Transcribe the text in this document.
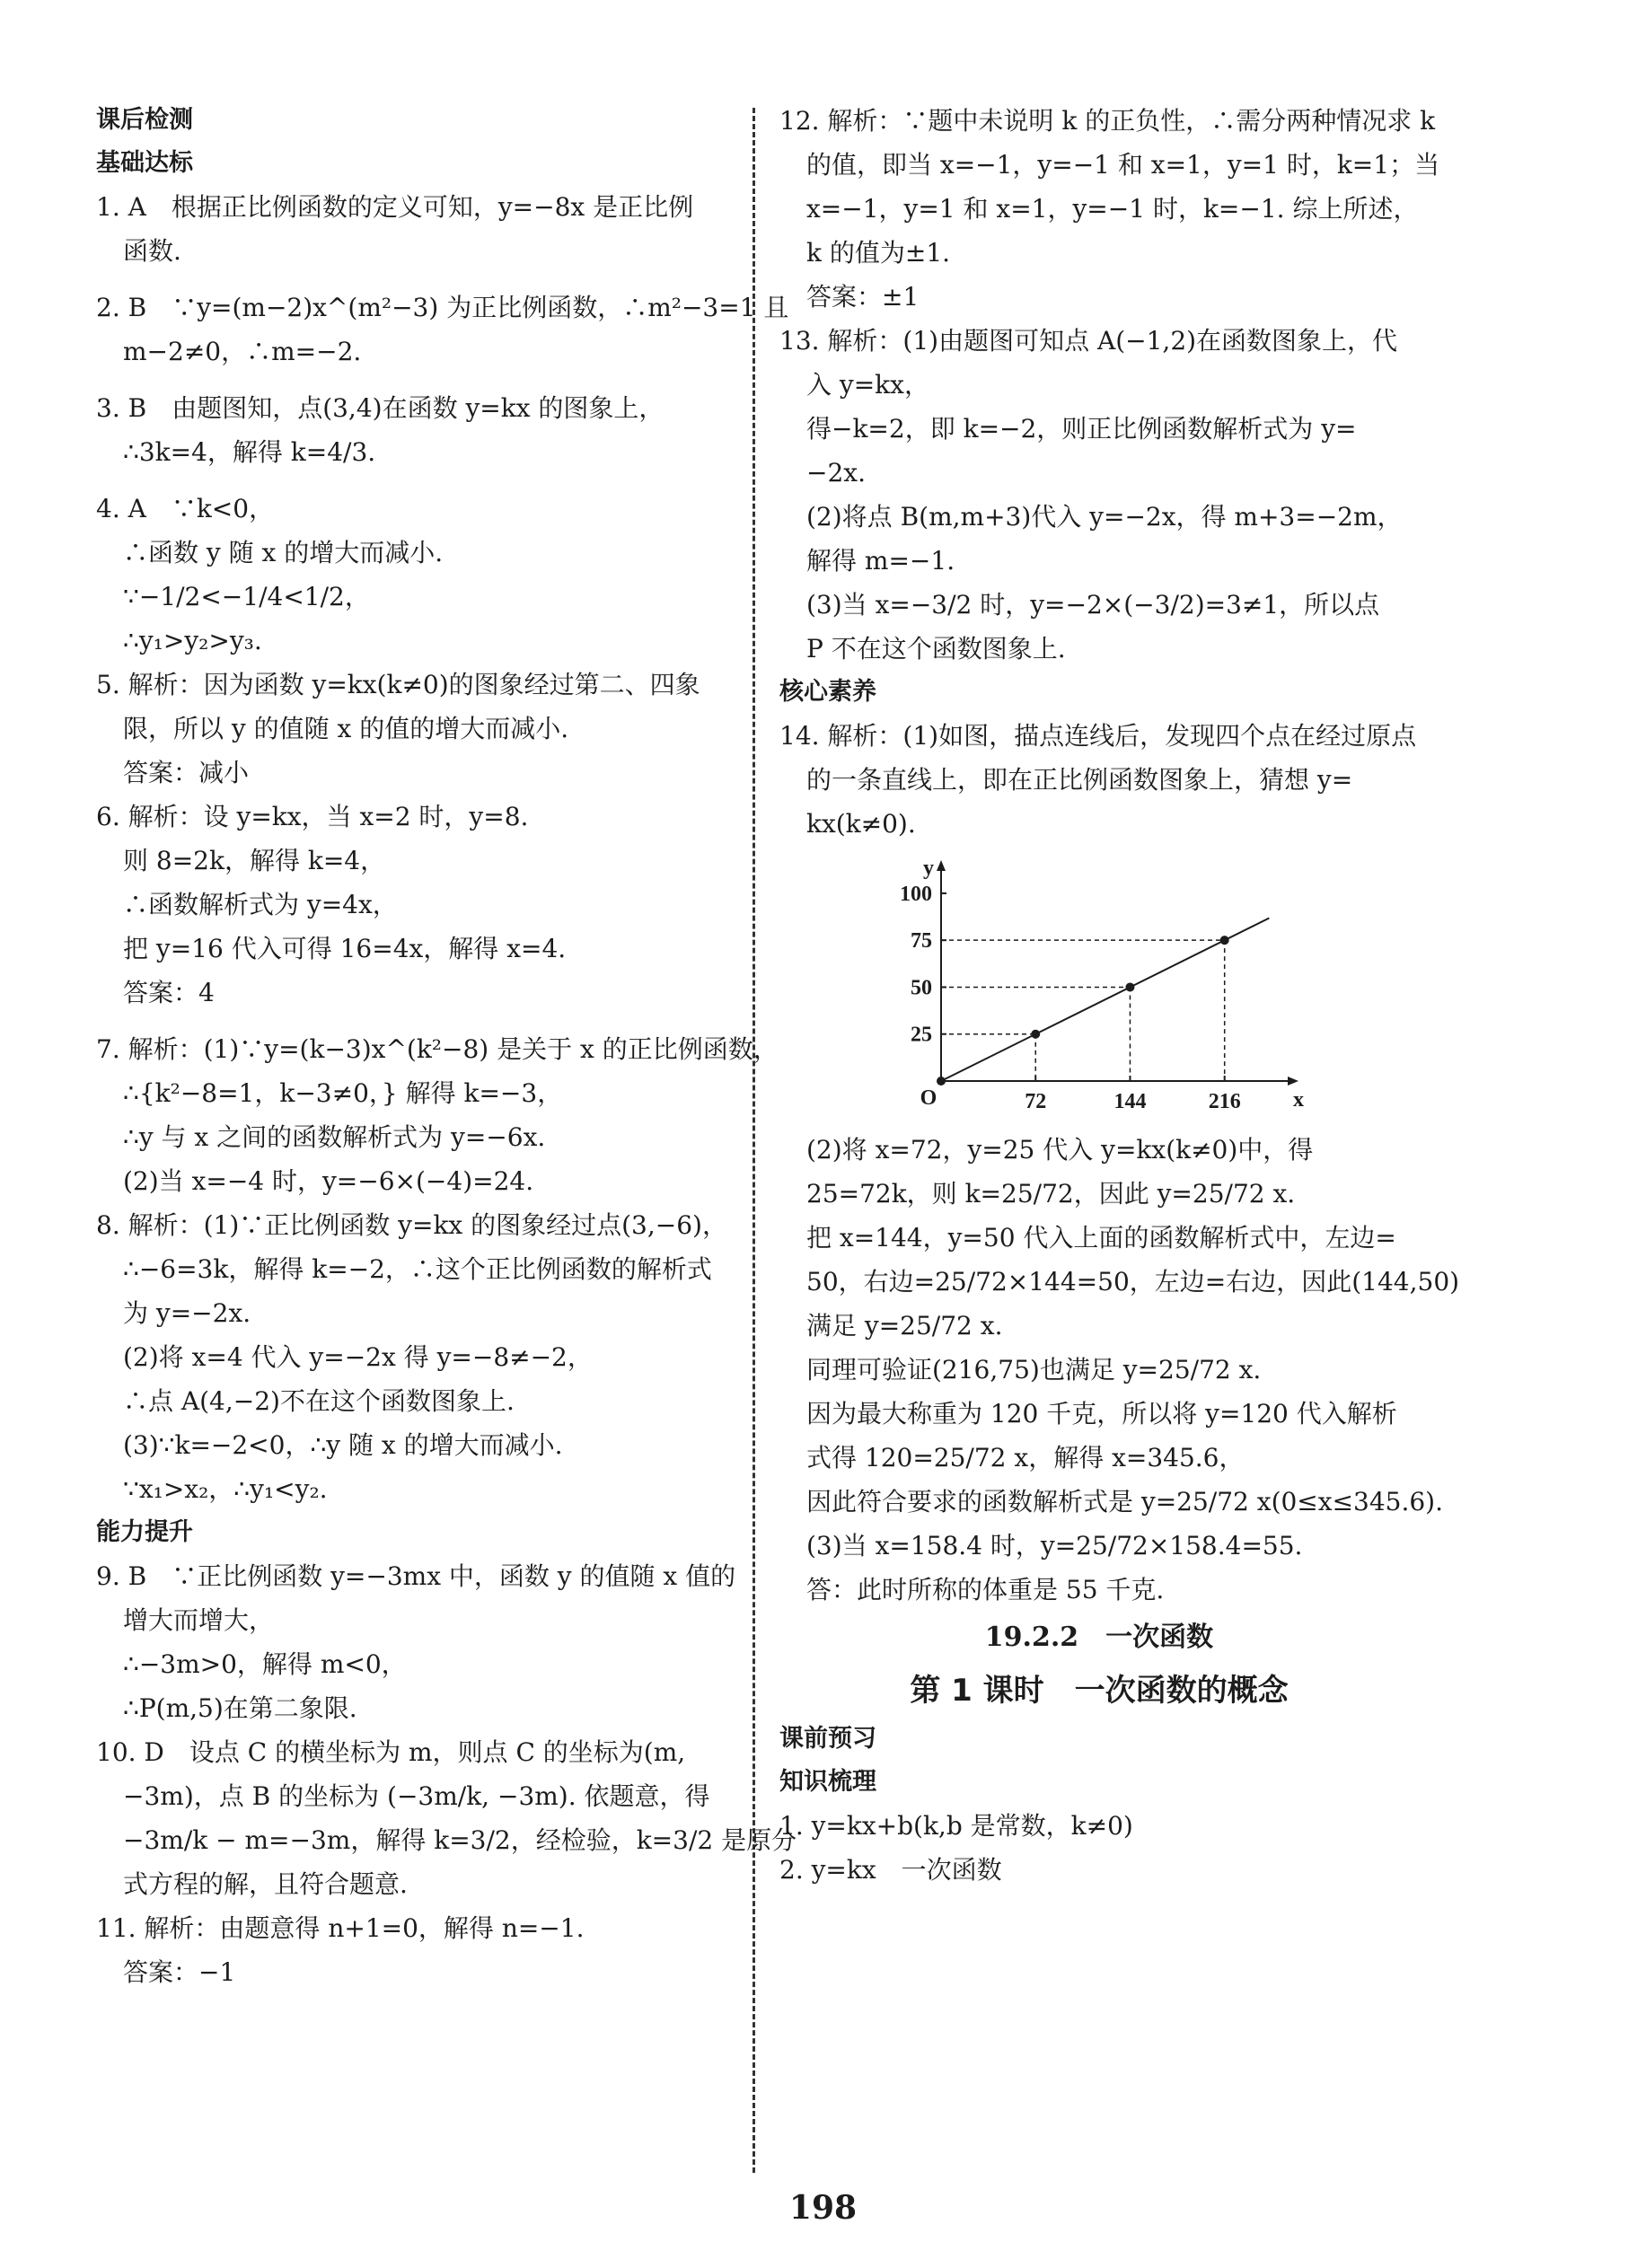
课后检测
基础达标
1. A　根据正比例函数的定义可知，y=−8x 是正比例
函数.
2. B　∵y=(m−2)x^(m²−3) 为正比例函数，∴m²−3=1 且
m−2≠0，∴m=−2.
3. B　由题图知，点(3,4)在函数 y=kx 的图象上，
∴3k=4，解得 k=4/3.
4. A　∵k<0，
∴函数 y 随 x 的增大而减小.
∵−1/2<−1/4<1/2，
∴y₁>y₂>y₃.
5. 解析：因为函数 y=kx(k≠0)的图象经过第二、四象
限，所以 y 的值随 x 的值的增大而减小.
答案：减小
6. 解析：设 y=kx，当 x=2 时，y=8.
则 8=2k，解得 k=4，
∴函数解析式为 y=4x，
把 y=16 代入可得 16=4x，解得 x=4.
答案：4
7. 解析：(1)∵y=(k−3)x^(k²−8) 是关于 x 的正比例函数，
∴{k²−8=1，k−3≠0，} 解得 k=−3，
∴y 与 x 之间的函数解析式为 y=−6x.
(2)当 x=−4 时，y=−6×(−4)=24.
8. 解析：(1)∵正比例函数 y=kx 的图象经过点(3,−6)，
∴−6=3k，解得 k=−2，∴这个正比例函数的解析式
为 y=−2x.
(2)将 x=4 代入 y=−2x 得 y=−8≠−2，
∴点 A(4,−2)不在这个函数图象上.
(3)∵k=−2<0，∴y 随 x 的增大而减小.
∵x₁>x₂，∴y₁<y₂.
能力提升
9. B　∵正比例函数 y=−3mx 中，函数 y 的值随 x 值的
增大而增大，
∴−3m>0，解得 m<0，
∴P(m,5)在第二象限.
10. D　设点 C 的横坐标为 m，则点 C 的坐标为(m,
−3m)，点 B 的坐标为 (−3m/k, −3m). 依题意，得
−3m/k − m=−3m，解得 k=3/2，经检验，k=3/2 是原分
式方程的解，且符合题意.
11. 解析：由题意得 n+1=0，解得 n=−1.
答案：−1
12. 解析：∵题中未说明 k 的正负性，∴需分两种情况求 k
的值，即当 x=−1，y=−1 和 x=1，y=1 时，k=1；当
x=−1，y=1 和 x=1，y=−1 时，k=−1. 综上所述，
k 的值为±1.
答案：±1
13. 解析：(1)由题图可知点 A(−1,2)在函数图象上，代
入 y=kx，
得−k=2，即 k=−2，则正比例函数解析式为 y=
−2x.
(2)将点 B(m,m+3)代入 y=−2x，得 m+3=−2m，
解得 m=−1.
(3)当 x=−3/2 时，y=−2×(−3/2)=3≠1，所以点
P 不在这个函数图象上.
核心素养
14. 解析：(1)如图，描点连线后，发现四个点在经过原点
的一条直线上，即在正比例函数图象上，猜想 y=
kx(k≠0).
x
y
O
25
50
75
100
72	144	216
(2)将 x=72，y=25 代入 y=kx(k≠0)中，得
25=72k，则 k=25/72，因此 y=25/72 x.
把 x=144，y=50 代入上面的函数解析式中，左边=
50，右边=25/72×144=50，左边=右边，因此(144,50)
满足 y=25/72 x.
同理可验证(216,75)也满足 y=25/72 x.
因为最大称重为 120 千克，所以将 y=120 代入解析
式得 120=25/72 x，解得 x=345.6，
因此符合要求的函数解析式是 y=25/72 x(0≤x≤345.6).
(3)当 x=158.4 时，y=25/72×158.4=55.
答：此时所称的体重是 55 千克.
19.2.2　一次函数
第 1 课时　一次函数的概念
课前预习
知识梳理
1. y=kx+b(k,b 是常数，k≠0)
2. y=kx　一次函数
198
